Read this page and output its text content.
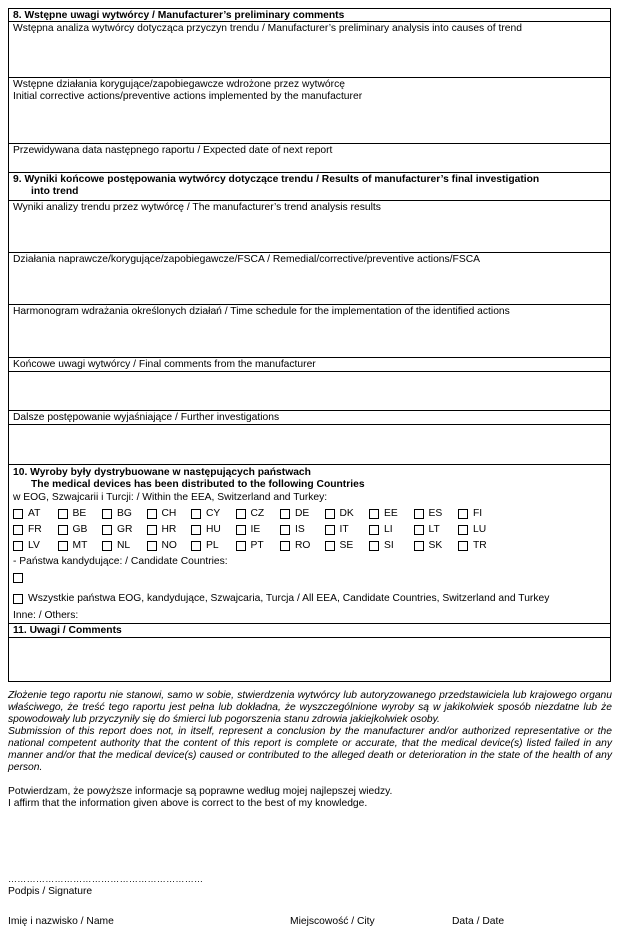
8. Wstępne uwagi wytwórcy / Manufacturer’s preliminary comments
Wstępna analiza wytwórcy dotycząca przyczyn trendu / Manufacturer’s preliminary analysis into causes of trend
Wstępne działania korygujące/zapobiegawcze wdrożone przez wytwórcę
Initial corrective actions/preventive actions implemented by the manufacturer
Przewidywana data następnego raportu / Expected date of next report
9. Wyniki końcowe postępowania wytwórcy dotyczące trendu / Results of manufacturer’s final investigation
into trend
Wyniki analizy trendu przez wytwórcę / The manufacturer’s trend analysis results
Działania naprawcze/korygujące/zapobiegawcze/FSCA / Remedial/corrective/preventive actions/FSCA
Harmonogram wdrażania określonych działań / Time schedule for the implementation of the identified actions
Końcowe uwagi wytwórcy / Final comments from the manufacturer
Dalsze postępowanie wyjaśniające / Further investigations
10. Wyroby były dystrybuowane w następujących państwach
The medical devices has been distributed to the following Countries
w EOG, Szwajcarii i Turcji: / Within the EEA, Switzerland and Turkey:
AT	BE	BG	CH	CY	CZ	DE	DK	EE	ES	FI
FR	GB	GR	HR	HU	IE	IS	IT	LI	LT	LU
LV	MT	NL	NO	PL	PT	RO	SE	SI	SK	TR
- Państwa kandydujące: / Candidate Countries:
Wszystkie państwa EOG, kandydujące, Szwajcaria, Turcja / All EEA, Candidate Countries, Switzerland and Turkey
Inne: / Others:
11. Uwagi / Comments
Złożenie tego raportu nie stanowi, samo w sobie, stwierdzenia wytwórcy lub autoryzowanego przedstawiciela lub krajowego organu właściwego, że treść tego raportu jest pełna lub dokładna, że wyszczególnione wyroby są w jakikolwiek sposób niezdatne lub że spowodowały lub przyczyniły się do śmierci lub pogorszenia stanu zdrowia jakiejkolwiek osoby.
Submission of this report does not, in itself, represent a conclusion by the manufacturer and/or authorized representative or the national competent authority that the content of this report is complete or accurate, that the medical device(s) listed failed in any manner and/or that the medical device(s) caused or contributed to the alleged death or deterioration in the state of the health of any person.
Potwierdzam, że powyższe informacje są poprawne według mojej najlepszej wiedzy.
I affirm that the information given above is correct to the best of my knowledge.
………………………………………………………
Podpis / Signature
Imię i nazwisko / Name	Miejscowość / City	Data / Date
